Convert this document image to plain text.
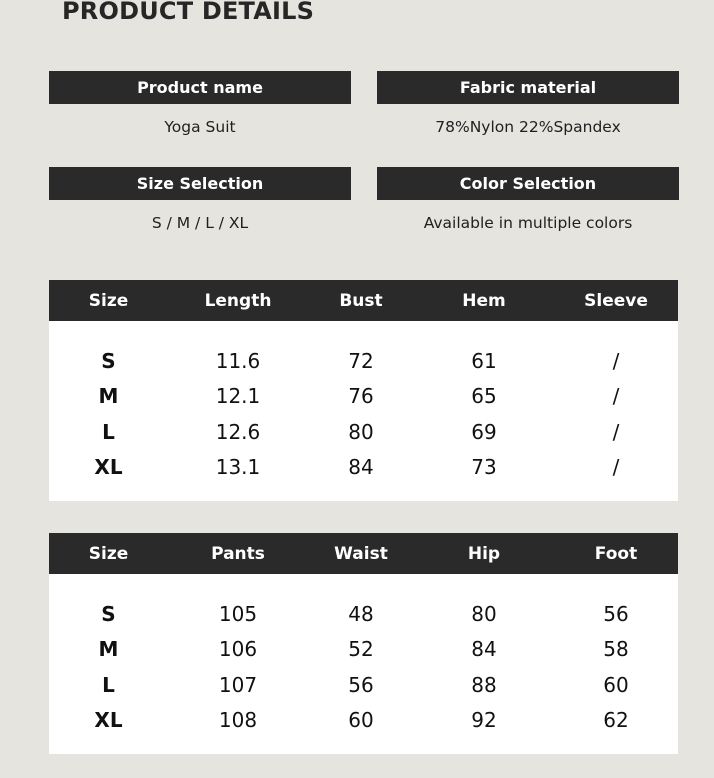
PRODUCT DETAILS
Product name
Yoga Suit
Fabric material
78%Nylon 22%Spandex
Size Selection
S / M / L / XL
Color Selection
Available in multiple colors
Size	Length	Bust	Hem	Sleeve
S	11.6	72	61	/
M	12.1	76	65	/
L	12.6	80	69	/
XL	13.1	84	73	/
Size	Pants	Waist	Hip	Foot
S	105	48	80	56
M	106	52	84	58
L	107	56	88	60
XL	108	60	92	62
